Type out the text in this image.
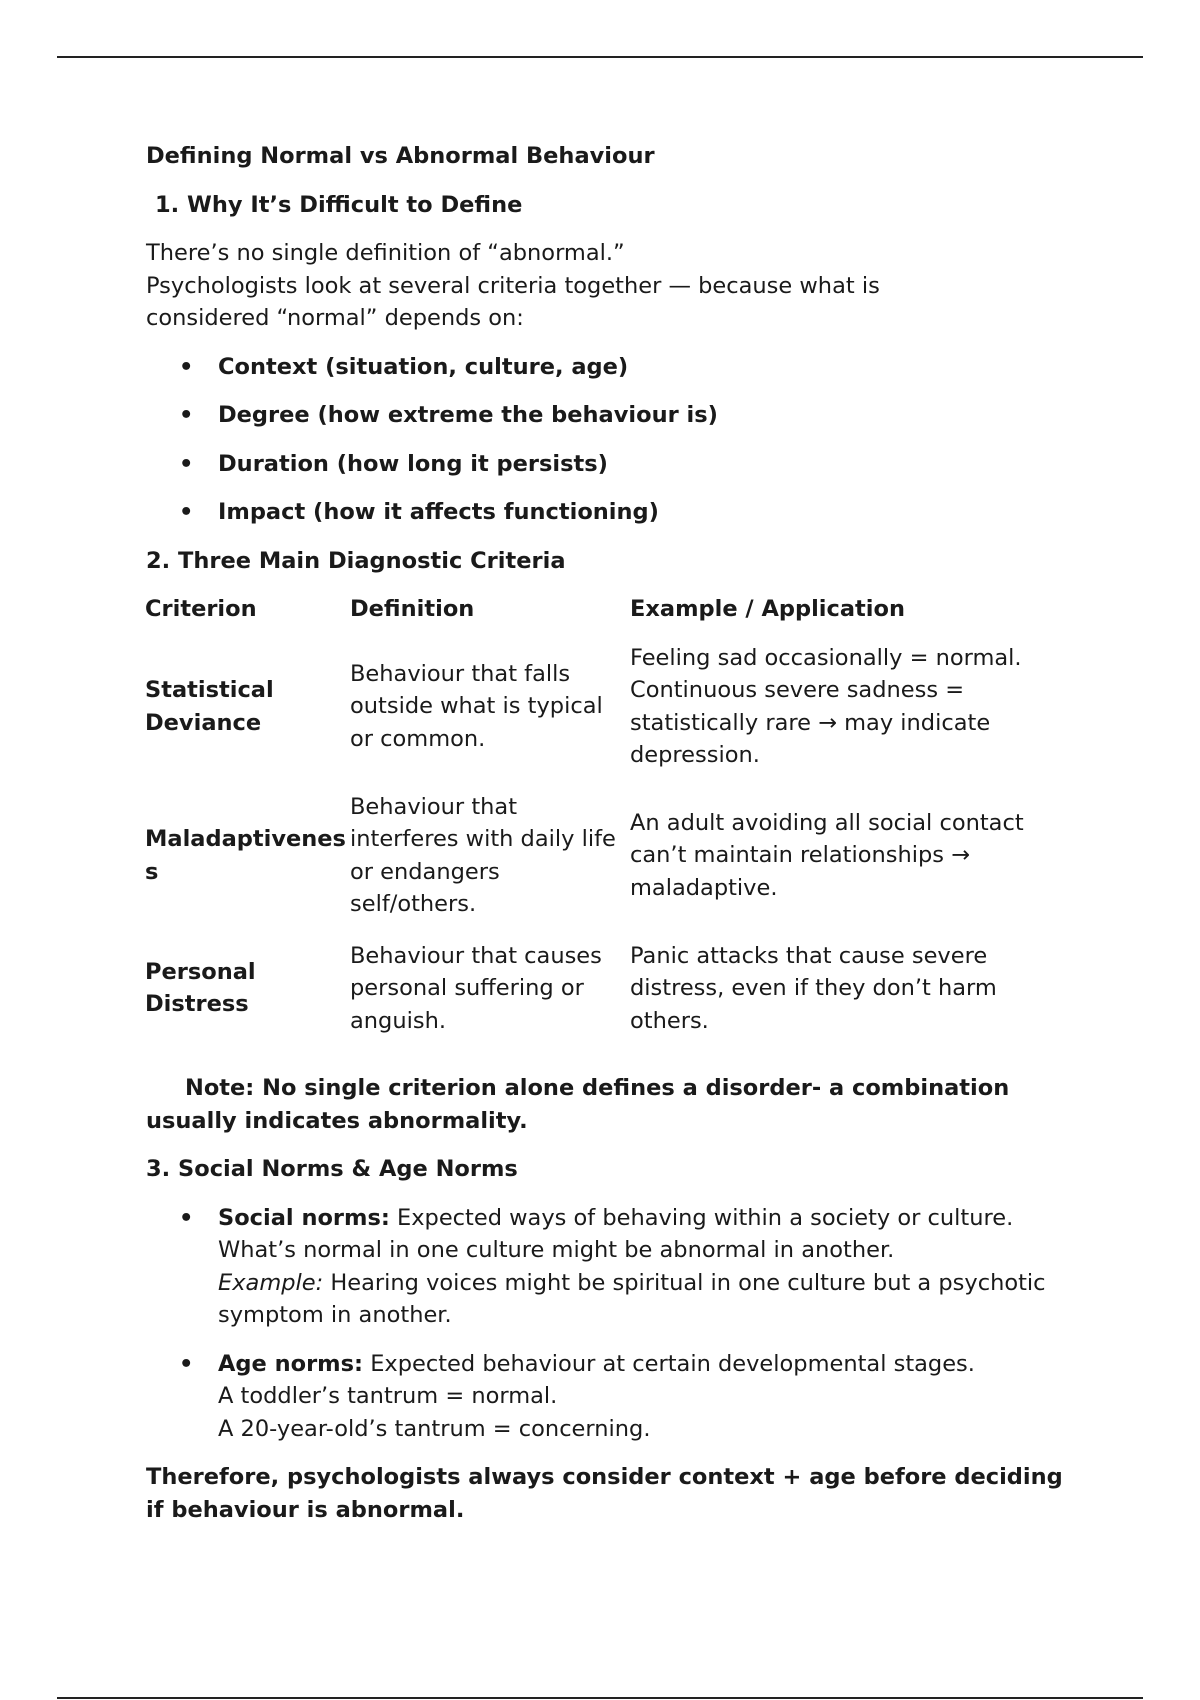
Defining Normal vs Abnormal Behaviour

1. Why It’s Difficult to Define

There’s no single definition of “abnormal.”
Psychologists look at several criteria together — because what is
considered “normal” depends on:

• Context (situation, culture, age)
• Degree (how extreme the behaviour is)
• Duration (how long it persists)
• Impact (how it affects functioning)

2. Three Main Diagnostic Criteria

Criterion	Definition	Example / Application
Statistical Deviance	Behaviour that falls outside what is typical or common.	Feeling sad occasionally = normal. Continuous severe sadness = statistically rare → may indicate depression.
Maladaptiveness	Behaviour that interferes with daily life or endangers self/others.	An adult avoiding all social contact can’t maintain relationships → maladaptive.
Personal Distress	Behaviour that causes personal suffering or anguish.	Panic attacks that cause severe distress, even if they don’t harm others.

Note: No single criterion alone defines a disorder- a combination usually indicates abnormality.

3. Social Norms & Age Norms

• Social norms: Expected ways of behaving within a society or culture.
What’s normal in one culture might be abnormal in another.
Example: Hearing voices might be spiritual in one culture but a psychotic symptom in another.
• Age norms: Expected behaviour at certain developmental stages.
A toddler’s tantrum = normal.
A 20-year-old’s tantrum = concerning.

Therefore, psychologists always consider context + age before deciding if behaviour is abnormal.
